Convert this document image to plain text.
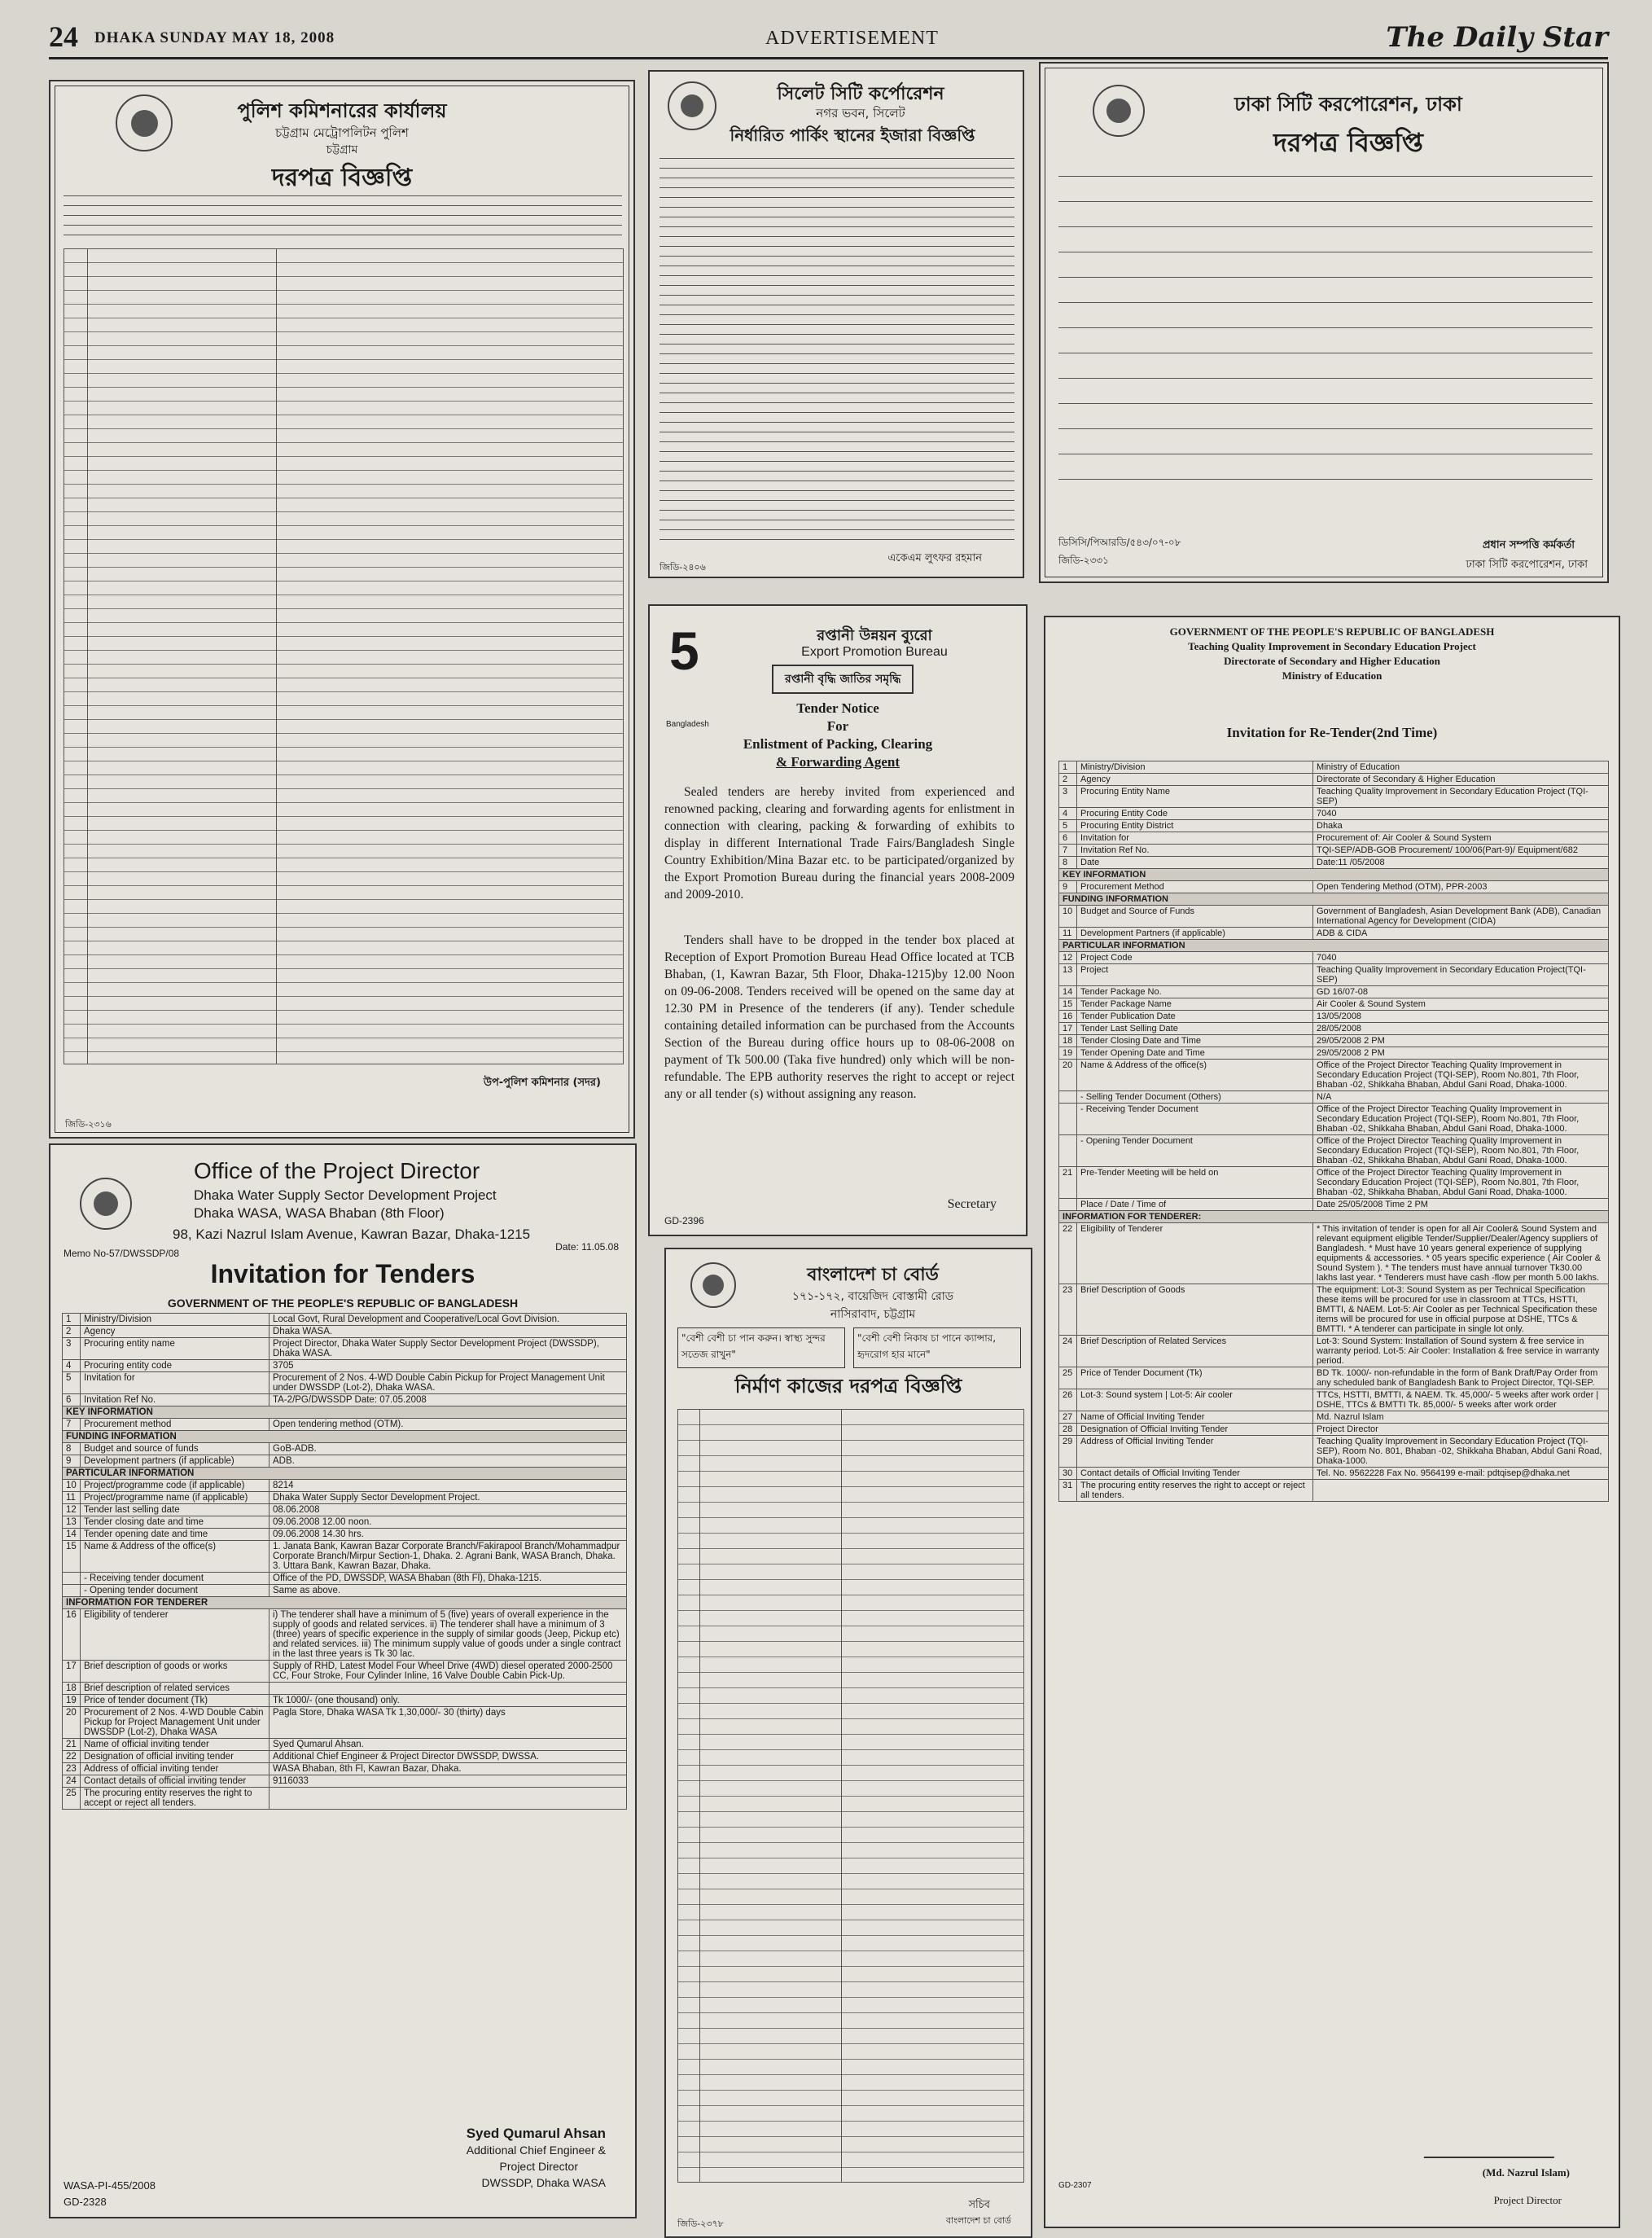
24 DHAKA SUNDAY MAY 18, 2008	ADVERTISEMENT	The Daily Star
পুলিশ কমিশনারের কার্যালয়
চট্টগ্রাম মেট্রোপলিটন পুলিশ
চট্টগ্রাম
দরপত্র বিজ্ঞপ্তি
উপ-পুলিশ কমিশনার (সদর)
জিডি-২৩১৬
সিলেট সিটি কর্পোরেশন
নগর ভবন, সিলেট
নির্ধারিত পার্কিং স্থানের ইজারা বিজ্ঞপ্তি
একেএম লুৎফর রহমান
জিডি-২৪০৬
ঢাকা সিটি করপোরেশন, ঢাকা
দরপত্র বিজ্ঞপ্তি
প্রধান সম্পত্তি কর্মকর্তা
ঢাকা সিটি করপোরেশন, ঢাকা
ডিসিসি/পিআরডি/৫৪৩/০৭-০৮
জিডি-২৩৩১
5	রপ্তানী উন্নয়ন ব্যুরো
Export Promotion Bureau
রপ্তানী বৃদ্ধি জাতির সমৃদ্ধি
Bangladesh
Tender Notice
For
Enlistment of Packing, Clearing
& Forwarding Agent
Sealed tenders are hereby invited from experienced and renowned packing, clearing and forwarding agents for enlistment in connection with clearing, packing & forwarding of exhibits to display in different International Trade Fairs/Bangladesh Single Country Exhibition/Mina Bazar etc. to be participated/organized by the Export Promotion Bureau during the financial years 2008-2009 and 2009-2010.
Tenders shall have to be dropped in the tender box placed at Reception of Export Promotion Bureau Head Office located at TCB Bhaban, (1, Kawran Bazar, 5th Floor, Dhaka-1215)by 12.00 Noon on 09-06-2008. Tenders received will be opened on the same day at 12.30 PM in Presence of the tenderers (if any). Tender schedule containing detailed information can be purchased from the Accounts Section of the Bureau during office hours up to 08-06-2008 on payment of Tk 500.00 (Taka five hundred) only which will be non-refundable. The EPB authority reserves the right to accept or reject any or all tender (s) without assigning any reason.
Secretary
GD-2396
বাংলাদেশ চা বোর্ড
১৭১-১৭২, বায়েজিদ বোস্তামী রোড
নাসিরাবাদ, চট্টগ্রাম
"বেশী বেশী চা পান করুন। স্বাস্থ্য সুন্দর সতেজ রাখুন"
"বেশী বেশী নিকাষ চা পানে ক্যান্সার, হৃদরোগ হার মানে"
নির্মাণ কাজের দরপত্র বিজ্ঞপ্তি
সচিব
বাংলাদেশ চা বোর্ড
জিডি-২৩৭৮
Office of the Project Director
Dhaka Water Supply Sector Development Project
Dhaka WASA, WASA Bhaban (8th Floor)
98, Kazi Nazrul Islam Avenue, Kawran Bazar, Dhaka-1215
Memo No-57/DWSSDP/08
Date: 11.05.08
Invitation for Tenders
GOVERNMENT OF THE PEOPLE'S REPUBLIC OF BANGLADESH
1	Ministry/Division	Local Govt, Rural Development and Cooperative/Local Govt Division.
2	Agency	Dhaka WASA.
3	Procuring entity name	Project Director, Dhaka Water Supply Sector Development Project (DWSSDP), Dhaka WASA.
4	Procuring entity code	3705
5	Invitation for	Procurement of 2 Nos. 4-WD Double Cabin Pickup for Project Management Unit under DWSSDP (Lot-2), Dhaka WASA.
6	Invitation Ref No.	TA-2/PG/DWSSDP Date: 07.05.2008
KEY INFORMATION		
7	Procurement method	Open tendering method (OTM).
FUNDING INFORMATION		
8	Budget and source of funds	GoB-ADB.
9	Development partners (if applicable)	ADB.
PARTICULAR INFORMATION		
10	Project/programme code (if applicable)	8214
11	Project/programme name (if applicable)	Dhaka Water Supply Sector Development Project.
12	Tender last selling date	08.06.2008
13	Tender closing date and time	09.06.2008 12.00 noon.
14	Tender opening date and time	09.06.2008 14.30 hrs.
15	Name & Address of the office(s)	1. Janata Bank, Kawran Bazar Corporate Branch/Fakirapool Branch/Mohammadpur Corporate Branch/Mirpur Section-1, Dhaka. 2. Agrani Bank, WASA Branch, Dhaka. 3. Uttara Bank, Kawran Bazar, Dhaka.
	- Receiving tender document	Office of the PD, DWSSDP, WASA Bhaban (8th Fl), Dhaka-1215.
	- Opening tender document	Same as above.
INFORMATION FOR TENDERER		
16	Eligibility of tenderer	i) The tenderer shall have a minimum of 5 (five) years of overall experience in the supply of goods and related services. ii) The tenderer shall have a minimum of 3 (three) years of specific experience in the supply of similar goods (Jeep, Pickup etc) and related services. iii) The minimum supply value of goods under a single contract in the last three years is Tk 30 lac.
17	Brief description of goods or works	Supply of RHD, Latest Model Four Wheel Drive (4WD) diesel operated 2000-2500 CC, Four Stroke, Four Cylinder Inline, 16 Valve Double Cabin Pick-Up.
18	Brief description of related services	
19	Price of tender document (Tk)	Tk 1000/- (one thousand) only.
20	Procurement of 2 Nos. 4-WD Double Cabin Pickup for Project Management Unit under DWSSDP (Lot-2), Dhaka WASA	Pagla Store, Dhaka WASA Tk 1,30,000/- 30 (thirty) days
21	Name of official inviting tender	Syed Qumarul Ahsan.
22	Designation of official inviting tender	Additional Chief Engineer & Project Director DWSSDP, DWSSA.
23	Address of official inviting tender	WASA Bhaban, 8th Fl, Kawran Bazar, Dhaka.
24	Contact details of official inviting tender	9116033
25	The procuring entity reserves the right to accept or reject all tenders.	
Syed Qumarul Ahsan
Additional Chief Engineer &
Project Director
DWSSDP, Dhaka WASA
WASA-PI-455/2008
GD-2328
GOVERNMENT OF THE PEOPLE'S REPUBLIC OF BANGLADESH
Teaching Quality Improvement in Secondary Education Project
Directorate of Secondary and Higher Education
Ministry of Education
Invitation for Re-Tender(2nd Time)
1	Ministry/Division	Ministry of Education
2	Agency	Directorate of Secondary & Higher Education
3	Procuring Entity Name	Teaching Quality Improvement in Secondary Education Project (TQI-SEP)
4	Procuring Entity Code	7040
5	Procuring Entity District	Dhaka
6	Invitation for	Procurement of: Air Cooler & Sound System
7	Invitation Ref No.	TQI-SEP/ADB-GOB Procurement/ 100/06(Part-9)/ Equipment/682
8	Date	Date:11 /05/2008
KEY INFORMATION		
9	Procurement Method	Open Tendering Method (OTM), PPR-2003
FUNDING INFORMATION		
10	Budget and Source of Funds	Government of Bangladesh, Asian Development Bank (ADB), Canadian International Agency for Development (CIDA)
11	Development Partners (if applicable)	ADB & CIDA
PARTICULAR INFORMATION		
12	Project Code	7040
13	Project	Teaching Quality Improvement in Secondary Education Project(TQI-SEP)
14	Tender Package No.	GD 16/07-08
15	Tender Package Name	Air Cooler & Sound System
16	Tender Publication Date	13/05/2008
17	Tender Last Selling Date	28/05/2008
18	Tender Closing Date and Time	29/05/2008 2 PM
19	Tender Opening Date and Time	29/05/2008 2 PM
20	Name & Address of the office(s)	Office of the Project Director Teaching Quality Improvement in Secondary Education Project (TQI-SEP), Room No.801, 7th Floor, Bhaban -02, Shikkaha Bhaban, Abdul Gani Road, Dhaka-1000.
	- Selling Tender Document (Others)	N/A
	- Receiving Tender Document	Office of the Project Director Teaching Quality Improvement in Secondary Education Project (TQI-SEP), Room No.801, 7th Floor, Bhaban -02, Shikkaha Bhaban, Abdul Gani Road, Dhaka-1000.
	- Opening Tender Document	Office of the Project Director Teaching Quality Improvement in Secondary Education Project (TQI-SEP), Room No.801, 7th Floor, Bhaban -02, Shikkaha Bhaban, Abdul Gani Road, Dhaka-1000.
21	Pre-Tender Meeting will be held on	Office of the Project Director Teaching Quality Improvement in Secondary Education Project (TQI-SEP), Room No.801, 7th Floor, Bhaban -02, Shikkaha Bhaban, Abdul Gani Road, Dhaka-1000.
	Place / Date / Time of	Date 25/05/2008 Time 2 PM
INFORMATION FOR TENDERER:		
22	Eligibility of Tenderer	* This invitation of tender is open for all Air Cooler& Sound System and relevant equipment eligible Tender/Supplier/Dealer/Agency suppliers of Bangladesh. * Must have 10 years general experience of supplying equipments & accessories. * 05 years specific experience ( Air Cooler & Sound System ). * The tenders must have annual turnover Tk30.00 lakhs last year. * Tenderers must have cash -flow per month 5.00 lakhs.
23	Brief Description of Goods	The equipment: Lot-3: Sound System as per Technical Specification these items will be procured for use in classroom at TTCs, HSTTI, BMTTI, & NAEM. Lot-5: Air Cooler as per Technical Specification these items will be procured for use in official purpose at DSHE, TTCs & BMTTI. * A tenderer can participate in single lot only.
24	Brief Description of Related Services	Lot-3: Sound System: Installation of Sound system & free service in warranty period. Lot-5: Air Cooler: Installation & free service in warranty period.
25	Price of Tender Document (Tk)	BD Tk. 1000/- non-refundable in the form of Bank Draft/Pay Order from any scheduled bank of Bangladesh Bank to Project Director, TQI-SEP.
26	Lot-3: Sound system | Lot-5: Air cooler	TTCs, HSTTI, BMTTI, & NAEM. Tk. 45,000/- 5 weeks after work order | DSHE, TTCs & BMTTI Tk. 85,000/- 5 weeks after work order
27	Name of Official Inviting Tender	Md. Nazrul Islam
28	Designation of Official Inviting Tender	Project Director
29	Address of Official Inviting Tender	Teaching Quality Improvement in Secondary Education Project (TQI-SEP), Room No. 801, Bhaban -02, Shikkaha Bhaban, Abdul Gani Road, Dhaka-1000.
30	Contact details of Official Inviting Tender	Tel. No. 9562228 Fax No. 9564199 e-mail: pdtqisep@dhaka.net
31	The procuring entity reserves the right to accept or reject all tenders.	
(Md. Nazrul Islam)
Project Director
GD-2307
